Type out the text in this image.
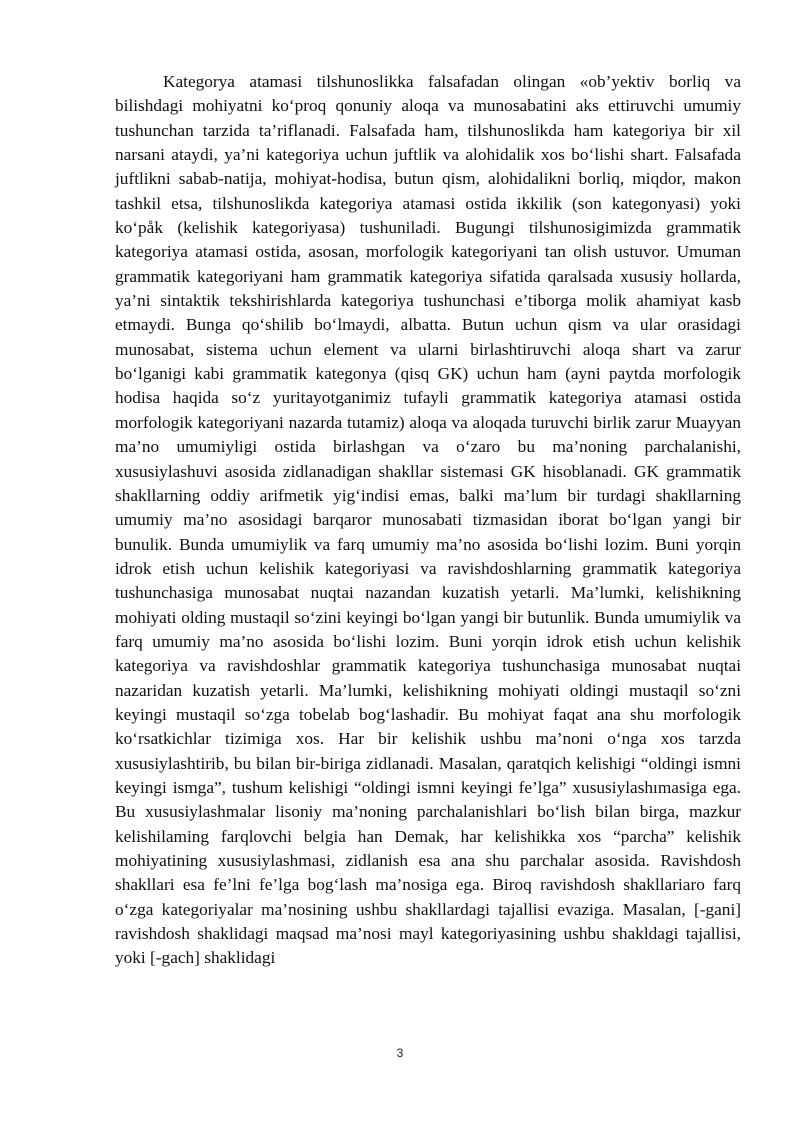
Kategorya atamasi tilshunoslikka falsafadan olingan «ob’yektiv borliq va bilishdagi mohiyatni ko‘proq qonuniy aloqa va munosabatini aks ettiruvchi umumiy tushunchan tarzida ta’riflanadi. Falsafada ham, tilshunoslikda ham kategoriya bir xil narsani ataydi, ya’ni kategoriya uchun juftlik va alohidalik xos bo‘lishi shart. Falsafada juftlikni sabab-natija, mohiyat-hodisa, butun qism, alohidalikni borliq, miqdor, makon tashkil etsa, tilshunoslikda kategoriya atamasi ostida ikkilik (son kategonyasi) yoki ko‘påk (kelishik kategoriyasa) tushuniladi. Bugungi tilshunosigimizda grammatik kategoriya atamasi ostida, asosan, morfologik kategoriyani tan olish ustuvor. Umuman grammatik kategoriyani ham grammatik kategoriya sifatida qaralsada xususiy hollarda, ya’ni sintaktik tekshirishlarda kategoriya tushunchasi e’tiborga molik ahamiyat kasb etmaydi. Bunga qo‘shilib bo‘lmaydi, albatta. Butun uchun qism va ular orasidagi munosabat, sistema uchun element va ularni birlashtiruvchi aloqa shart va zarur bo‘lganigi kabi grammatik kategonya (qisq GK) uchun ham (ayni paytda morfologik hodisa haqida so‘z yuritayotganimiz tufayli grammatik kategoriya atamasi ostida morfologik kategoriyani nazarda tutamiz) aloqa va aloqada turuvchi birlik zarur Muayyan ma’no umumiyligi ostida birlashgan va o‘zaro bu ma’noning parchalanishi, xususiylashuvi asosida zidlanadigan shakllar sistemasi GK hisoblanadi. GK grammatik shakllarning oddiy arifmetik yig‘indisi emas, balki ma’lum bir turdagi shakllarning umumiy ma’no asosidagi barqaror munosabati tizmasidan iborat bo‘lgan yangi bir bunulik. Bunda umumiylik va farq umumiy ma’no asosida bo‘lishi lozim. Buni yorqin idrok etish uchun kelishik kategoriyasi va ravishdoshlarning grammatik kategoriya tushunchasiga munosabat nuqtai nazandan kuzatish yetarli. Ma’lumki, kelishikning mohiyati olding mustaqil so‘zini keyingi bo‘lgan yangi bir butunlik. Bunda umumiylik va farq umumiy ma’no asosida bo‘lishi lozim. Buni yorqin idrok etish uchun kelishik kategoriya va ravishdoshlar grammatik kategoriya tushunchasiga munosabat nuqtai nazaridan kuzatish yetarli. Ma’lumki, kelishikning mohiyati oldingi mustaqil so‘zni keyingi mustaqil so‘zga tobelab bog‘lashadir. Bu mohiyat faqat ana shu morfologik ko‘rsatkichlar tizimiga xos. Har bir kelishik ushbu ma’noni o‘nga xos tarzda xususiylashtirib, bu bilan bir-biriga zidlanadi. Masalan, qaratqich kelishigi “oldingi ismni keyingi ismga”, tushum kelishigi “oldingi ismni keyingi fe’lga” xususiylashımasiga ega. Bu xususiylashmalar lisoniy ma’noning parchalanishlari bo‘lish bilan birga, mazkur kelishilaming farqlovchi belgia han Demak, har kelishikka xos “parcha” kelishik mohiyatining xususiylashmasi, zidlanish esa ana shu parchalar asosida. Ravishdosh shakllari esa fe’lni fe’lga bog‘lash ma’nosiga ega. Biroq ravishdosh shakllariaro farq o‘zga kategoriyalar ma’nosining ushbu shakllardagi tajallisi evaziga. Masalan, [-gani] ravishdosh shaklidagi maqsad ma’nosi mayl kategoriyasining ushbu shakldagi tajallisi, yoki [-gach] shaklidagi

3
